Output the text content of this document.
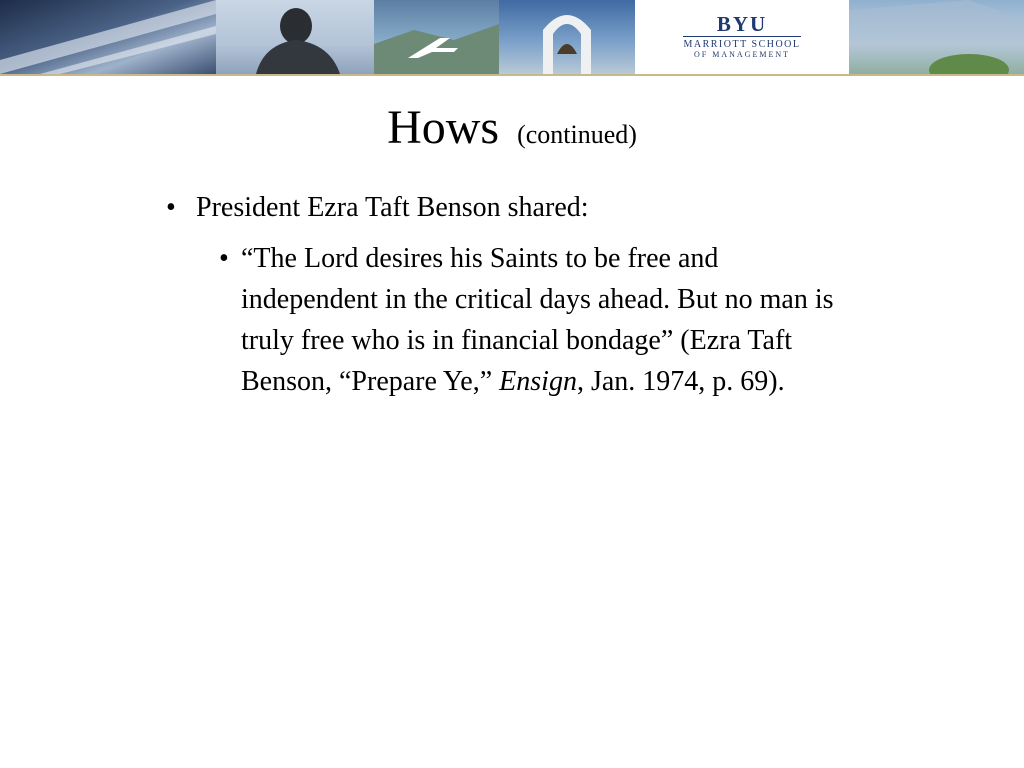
BYU
MARRIOTT SCHOOL
OF MANAGEMENT
Hows (continued)
• President Ezra Taft Benson shared:
• “The Lord desires his Saints to be free and independent in the critical days ahead. But no man is truly free who is in financial bondage” (Ezra Taft Benson, “Prepare Ye,” Ensign, Jan. 1974, p. 69).
